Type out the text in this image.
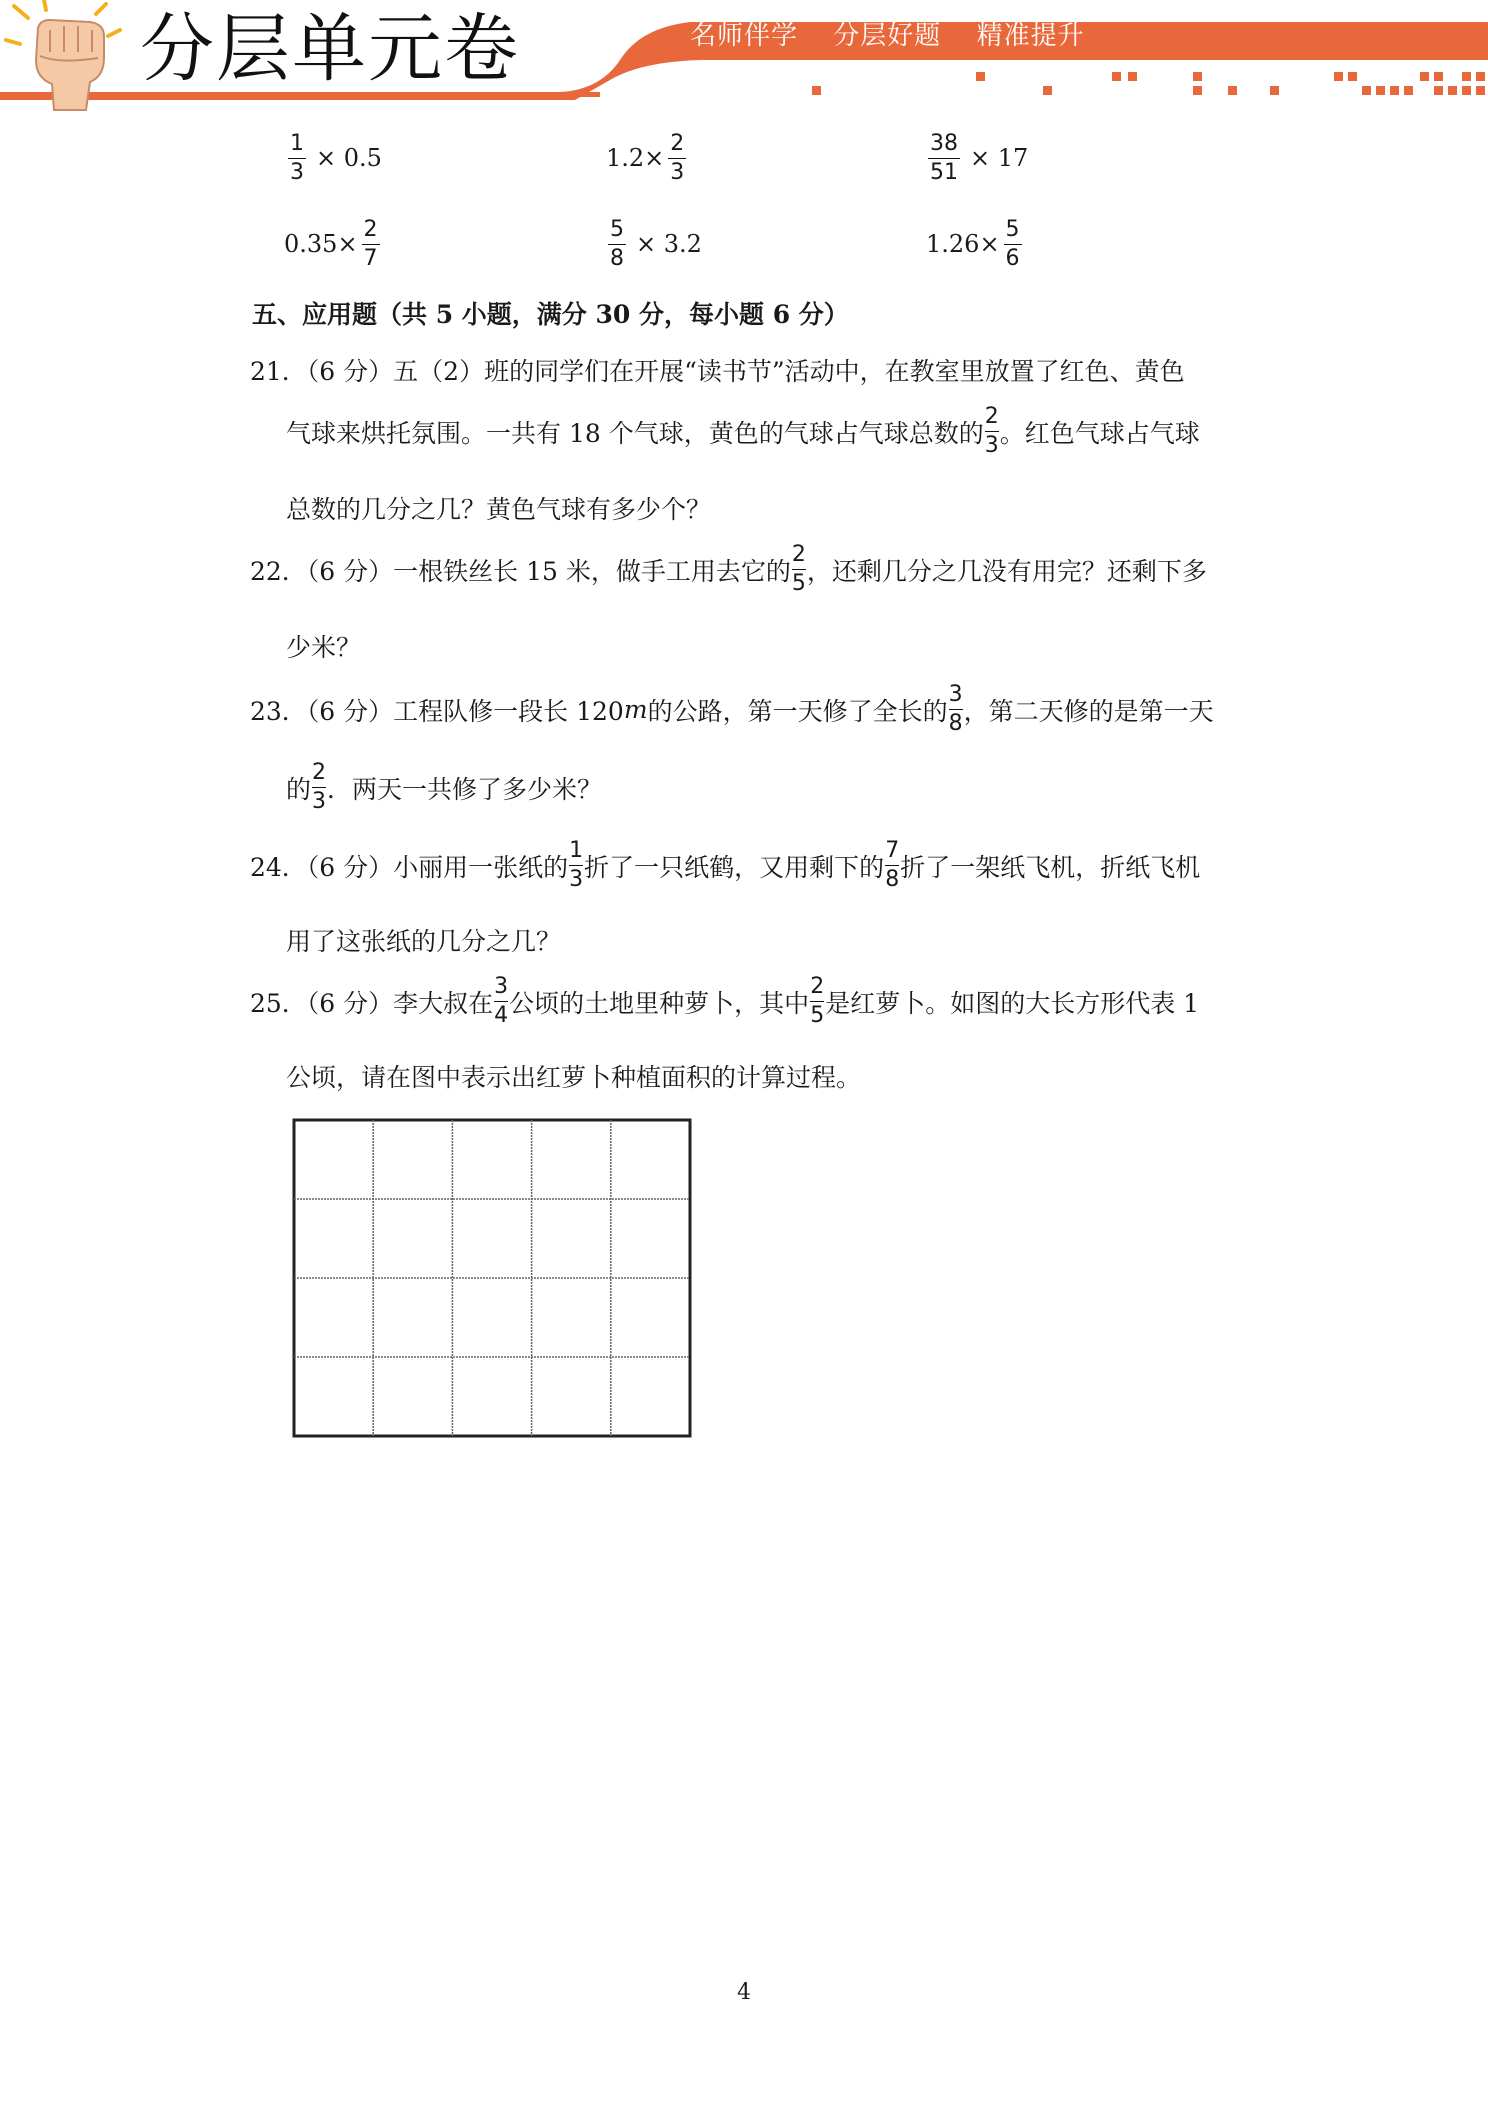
分层单元卷	名师伴学 分层好题 精准提升
$\frac{1}{3} \times 0.5$	$1.2\times \frac{2}{3}$	$\frac{38}{51} \times 17$
$0.35\times \frac{2}{7}$	$\frac{5}{8} \times 3.2$	$1.26\times \frac{5}{6}$
五、应用题（共 5 小题，满分 30 分，每小题 6 分）
21．（6 分）五（2）班的同学们在开展“读书节”活动中，在教室里放置了红色、黄色
气球来烘托氛围。一共有 18 个气球，黄色的气球占气球总数的 $\frac{2}{3}$ 。红色气球占气球
总数的几分之几？黄色气球有多少个？
22．（6 分）一根铁丝长 15 米，做手工用去它的 $\frac{2}{5}$ ，还剩几分之几没有用完？还剩下多
少米？
23．（6 分）工程队修一段长 120 m 的公路，第一天修了全长的 $\frac{3}{8}$ ，第二天修的是第一天
的 $\frac{2}{3}$ ．两天一共修了多少米？
24．（6 分）小丽用一张纸的 $\frac{1}{3}$ 折了一只纸鹤，又用剩下的 $\frac{7}{8}$ 折了一架纸飞机，折纸飞机
用了这张纸的几分之几？
25．（6 分）李大叔在 $\frac{3}{4}$ 公顷的土地里种萝卜，其中 $\frac{2}{5}$ 是红萝卜。如图的大长方形代表 1
公顷，请在图中表示出红萝卜种植面积的计算过程。
4
